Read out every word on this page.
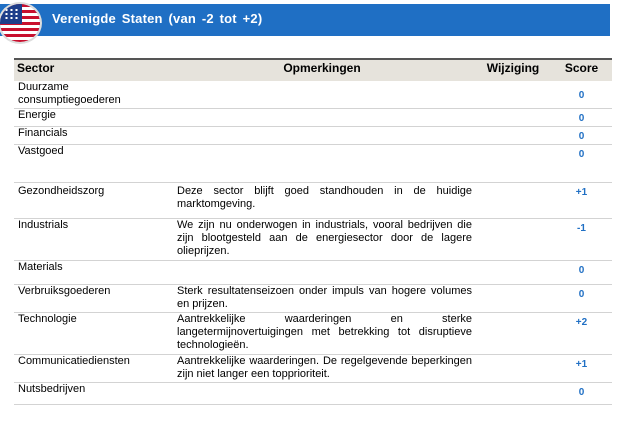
Verenigde Staten (van -2 tot +2)
Sector	Opmerkingen	Wijziging	Score
Duurzame consumptiegoederen			0
Energie			0
Financials			0
Vastgoed			0
Gezondheidszorg	Deze sector blijft goed standhouden in de huidige marktomgeving.		+1
Industrials	We zijn nu onderwogen in industrials, vooral bedrijven die zijn blootgesteld aan de energiesector door de lagere olieprijzen.		-1
Materials			0
Verbruiksgoederen	Sterk resultatenseizoen onder impuls van hogere volumes en prijzen.		0
Technologie	Aantrekkelijke waarderingen en sterke langetermijnovertuigingen met betrekking tot disruptieve technologieën.		+2
Communicatiediensten	Aantrekkelijke waarderingen. De regelgevende beperkingen zijn niet langer een topprioriteit.		+1
Nutsbedrijven			0
